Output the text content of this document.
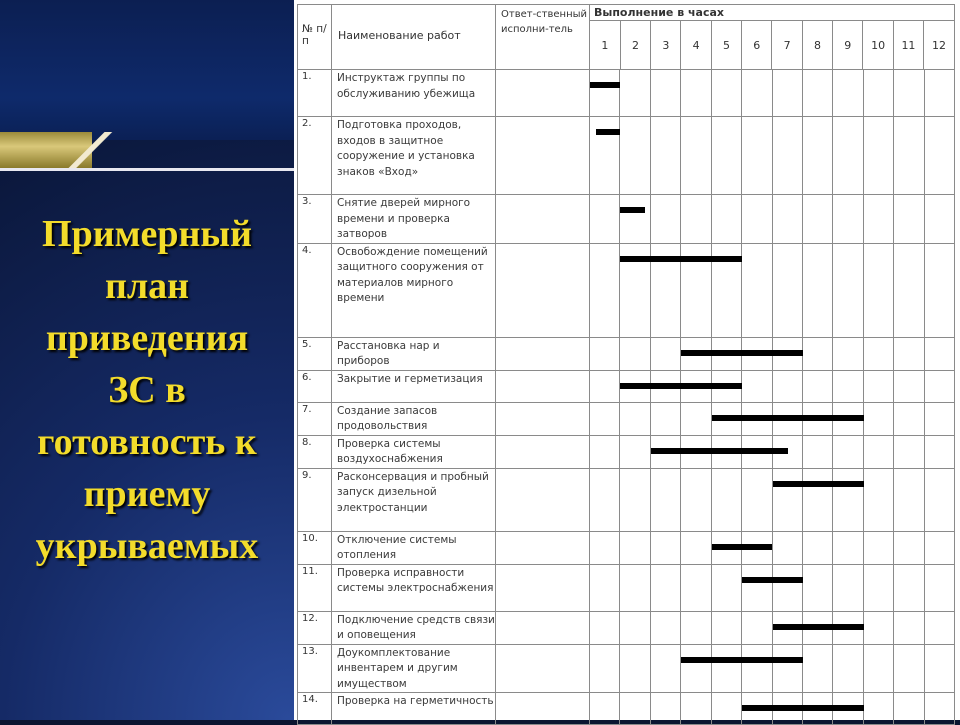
Примерный
план
приведения
ЗС в
готовность к
приему
укрываемых
№ п/п	Наименование работ	Ответ-ственный исполни-тель	Выполнение в часах

1	2	3	4	5	6	7	8	9	10	11	12

1.	Инструктаж группы по обслуживанию убежища		

2.	Подготовка проходов, входов в защитное сооружение и установка знаков «Вход»		

3.	Снятие дверей мирного времени и проверка затворов		

4.	Освобождение помещений защитного сооружения от материалов мирного времени		

5.	Расстановка нар и приборов		

6.	Закрытие и герметизация		

7.	Создание запасов продовольствия		

8.	Проверка системы воздухоснабжения		

9.	Расконсервация и пробный запуск дизельной электростанции		

10.	Отключение системы отопления		

11.	Проверка исправности системы электроснабжения		

12.	Подключение средств связи и оповещения		

13.	Доукомплектование инвентарем и другим имуществом		

14.	Проверка на герметичность		
